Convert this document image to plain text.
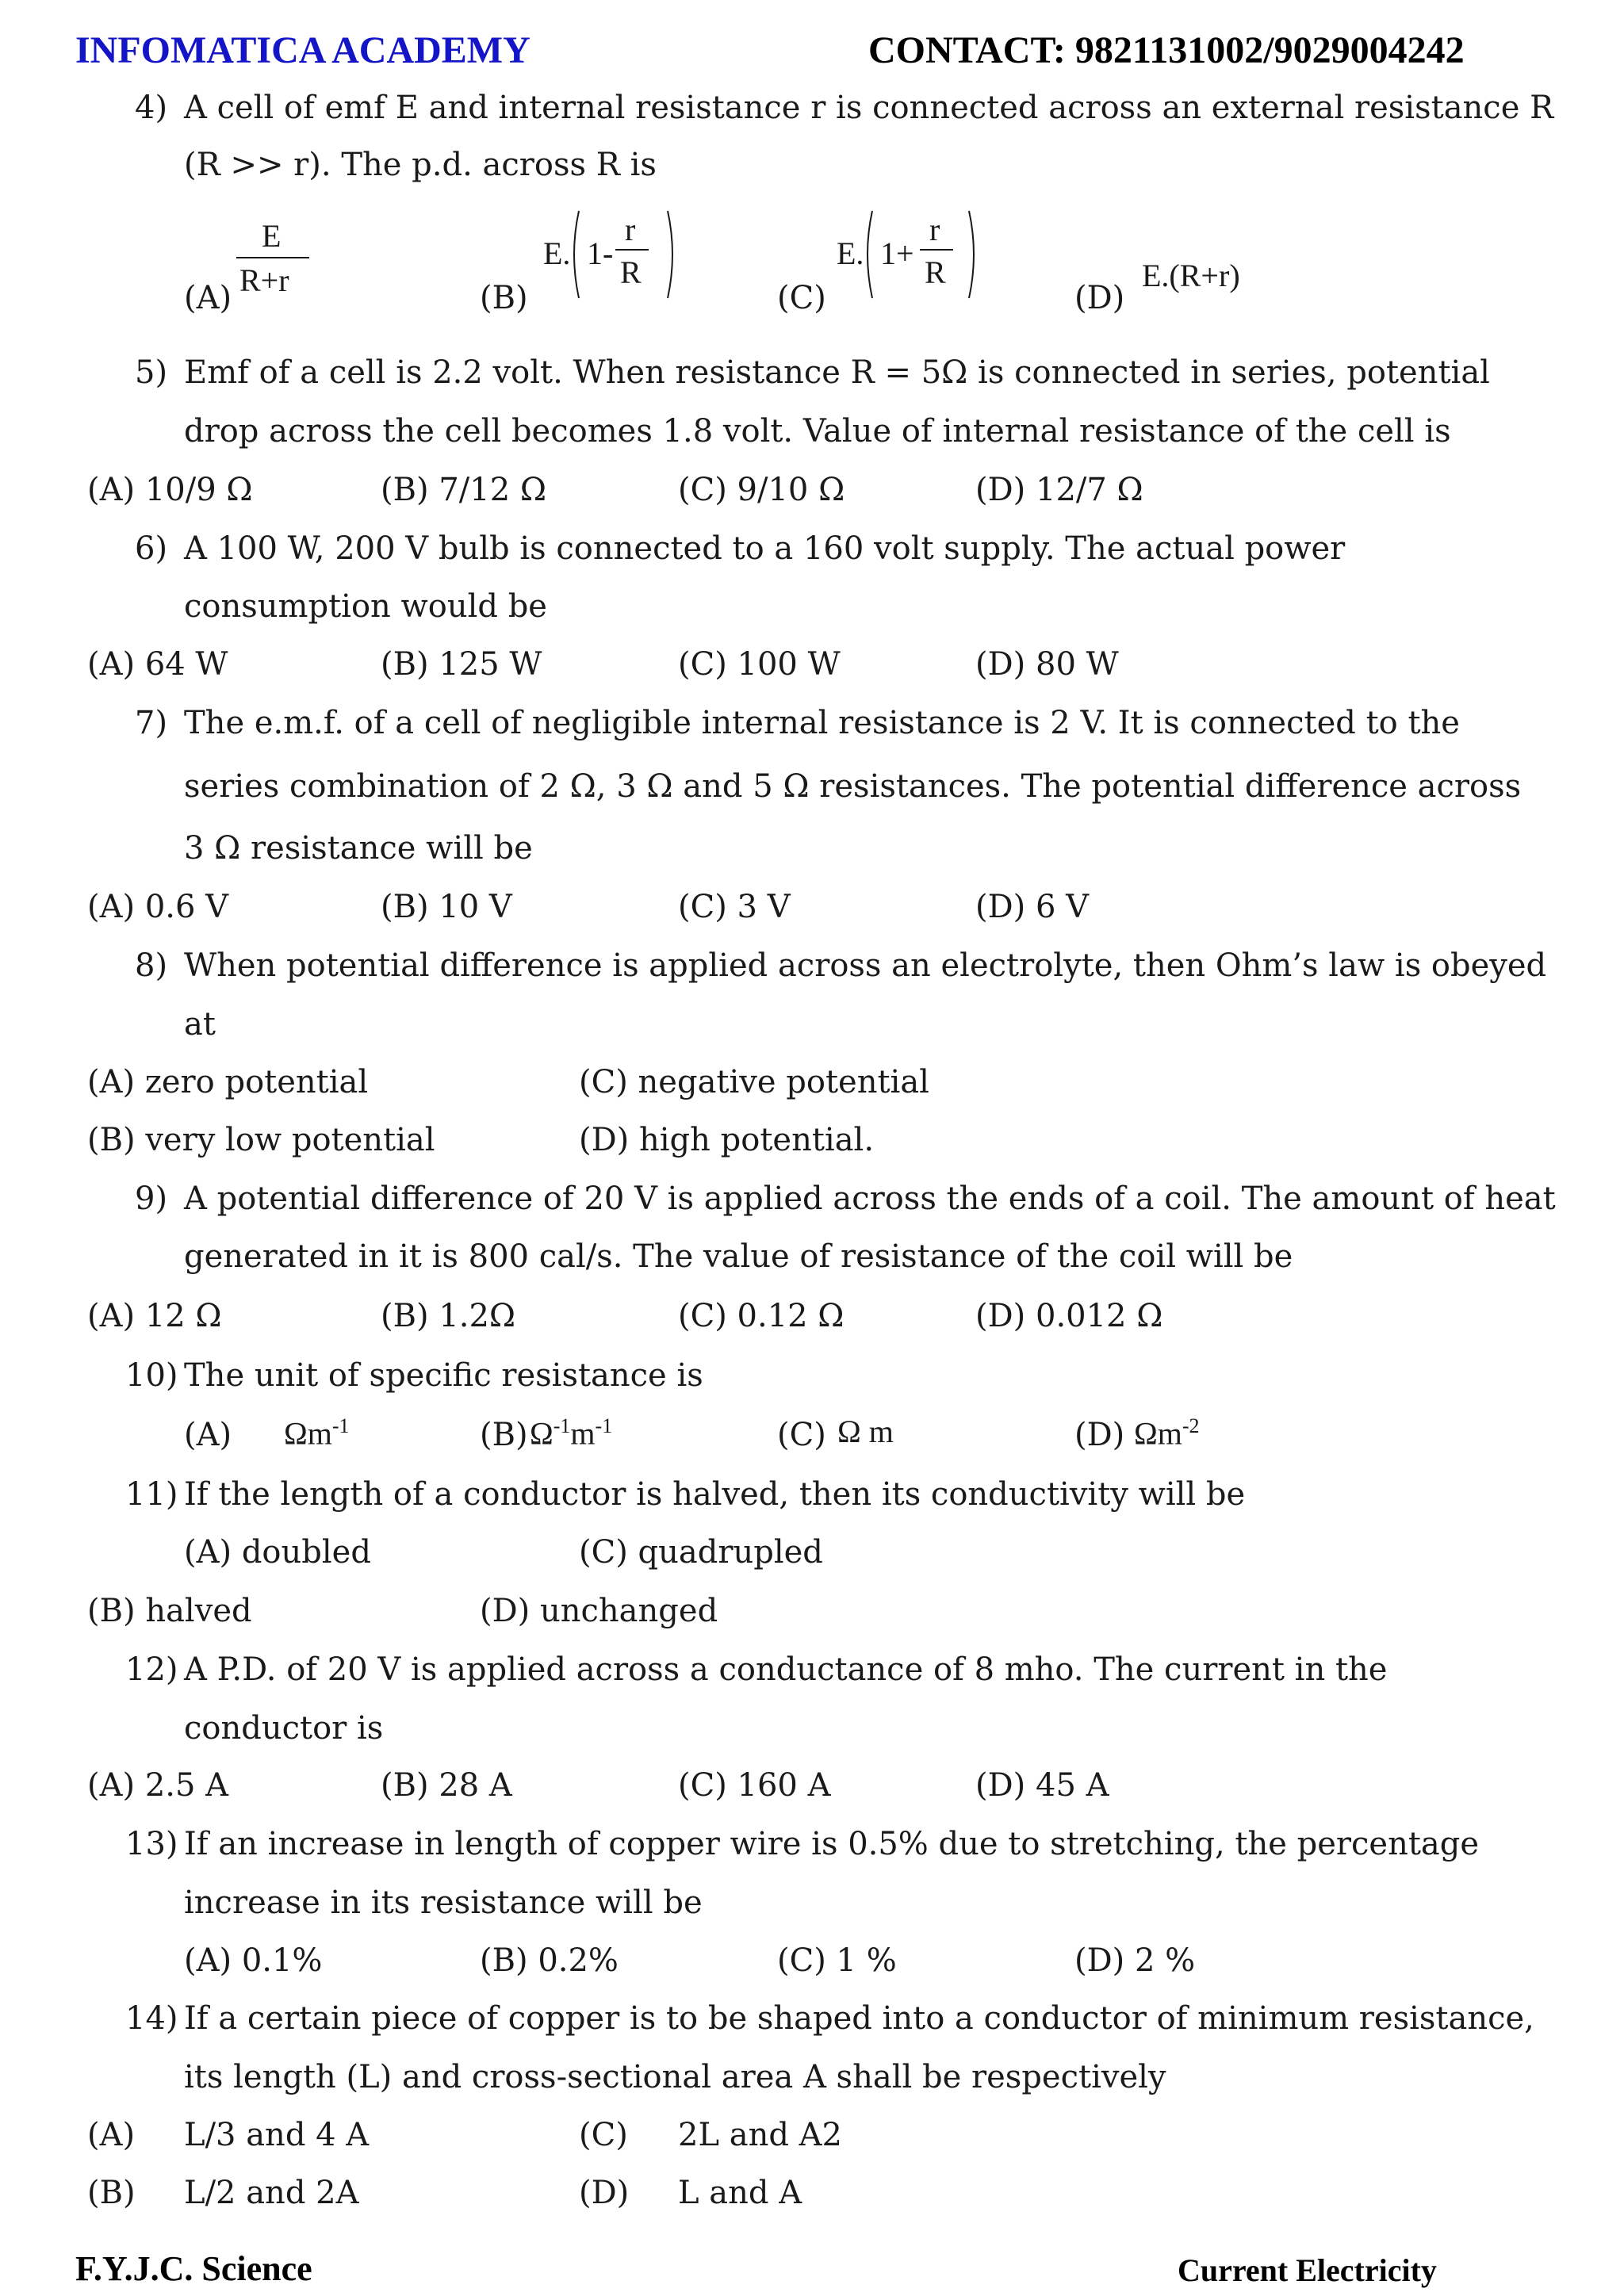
INFOMATICA ACADEMY	CONTACT: 9821131002/9029004242
4) A cell of emf E and internal resistance r is connected across an external resistance R
(R >> r). The p.d. across R is
(A)
E
R+r	(B)
E. 1-
r
R
(C)
E. 1+
r
R
(D)
E.(R+r)
5) Emf of a cell is 2.2 volt. When resistance R = 5Ω is connected in series, potential
drop across the cell becomes 1.8 volt. Value of internal resistance of the cell is
(A) 10/9 Ω	(B) 7/12 Ω	(C) 9/10 Ω	(D) 12/7 Ω
6) A 100 W, 200 V bulb is connected to a 160 volt supply. The actual power
consumption would be
(A) 64 W	(B) 125 W	(C) 100 W	(D) 80 W
7) The e.m.f. of a cell of negligible internal resistance is 2 V. It is connected to the
series combination of 2 Ω, 3 Ω and 5 Ω resistances. The potential difference across
3 Ω resistance will be
(A) 0.6 V	(B) 10 V	(C) 3 V	(D) 6 V
8) When potential difference is applied across an electrolyte, then Ohm’s law is obeyed
at
(A) zero potential	(C) negative potential
(B) very low potential	(D) high potential.
9) A potential difference of 20 V is applied across the ends of a coil. The amount of heat
generated in it is 800 cal/s. The value of resistance of the coil will be
(A) 12 Ω	(B) 1.2Ω	(C) 0.12 Ω	(D) 0.012 Ω
10) The unit of specific resistance is
(A) $\Omega m^{-1}$	(B) $\Omega^{-1}m^{-1}$	(C) Ω m	(D) $\Omega m^{-2}$
11) If the length of a conductor is halved, then its conductivity will be
(A) doubled	(C) quadrupled
(B) halved	(D) unchanged
12) A P.D. of 20 V is applied across a conductance of 8 mho. The current in the
conductor is
(A) 2.5 A	(B) 28 A	(C) 160 A	(D) 45 A
13) If an increase in length of copper wire is 0.5% due to stretching, the percentage
increase in its resistance will be
(A) 0.1%	(B) 0.2%	(C) 1 %	(D) 2 %
14) If a certain piece of copper is to be shaped into a conductor of minimum resistance,
its length (L) and cross-sectional area A shall be respectively
(A) L/3 and 4 A	(C) 2L and A2
(B) L/2 and 2A	(D) L and A
F.Y.J.C. Science	Current Electricity
